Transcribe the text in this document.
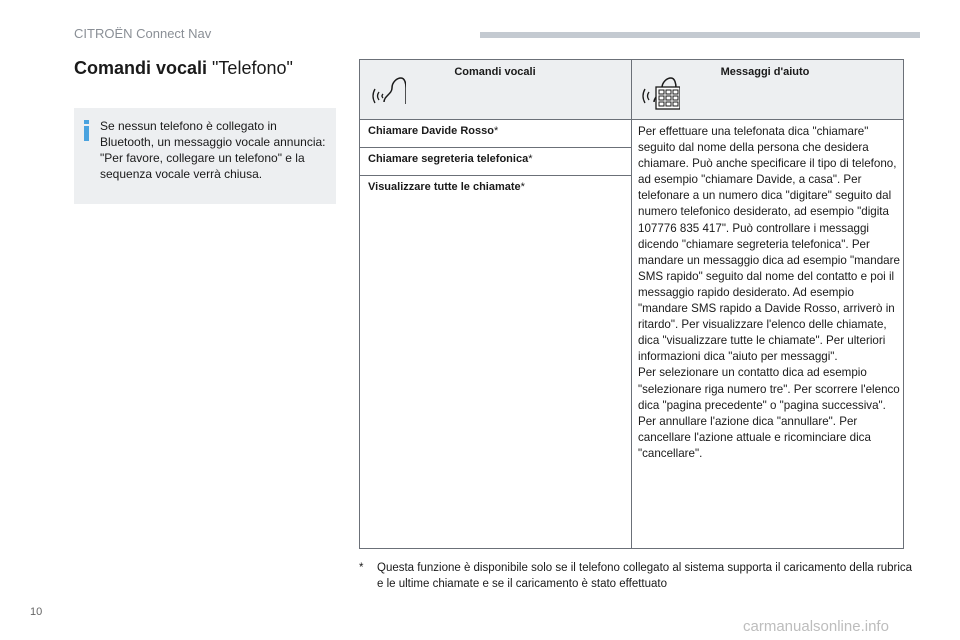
CITROËN Connect Nav
Comandi vocali "Telefono"

Se nessun telefono è collegato in Bluetooth, un messaggio vocale annuncia: "Per favore, collegare un telefono" e la sequenza vocale verrà chiusa.

Comandi vocali	Messaggi d'aiuto
Chiamare Davide Rosso*
Chiamare segreteria telefonica*
Visualizzare tutte le chiamate*

Per effettuare una telefonata dica "chiamare" seguito dal nome della persona che desidera chiamare. Può anche specificare il tipo di telefono, ad esempio "chiamare Davide, a casa". Per telefonare a un numero dica "digitare" seguito dal numero telefonico desiderato, ad esempio "digita 107776 835 417". Può controllare i messaggi dicendo "chiamare segreteria telefonica". Per mandare un messaggio dica ad esempio "mandare SMS rapido" seguito dal nome del contatto e poi il messaggio rapido desiderato. Ad esempio "mandare SMS rapido a Davide Rosso, arriverò in ritardo". Per visualizzare l'elenco delle chiamate, dica "visualizzare tutte le chiamate". Per ulteriori informazioni dica "aiuto per messaggi".

Per selezionare un contatto dica ad esempio "selezionare riga numero tre". Per scorrere l'elenco dica "pagina precedente" o "pagina successiva". Per annullare l'azione dica "annullare". Per cancellare l'azione attuale e ricominciare dica "cancellare".

*	Questa funzione è disponibile solo se il telefono collegato al sistema supporta il caricamento della rubrica e le ultime chiamate e se il caricamento è stato effettuato
10
carmanualsonline.info
